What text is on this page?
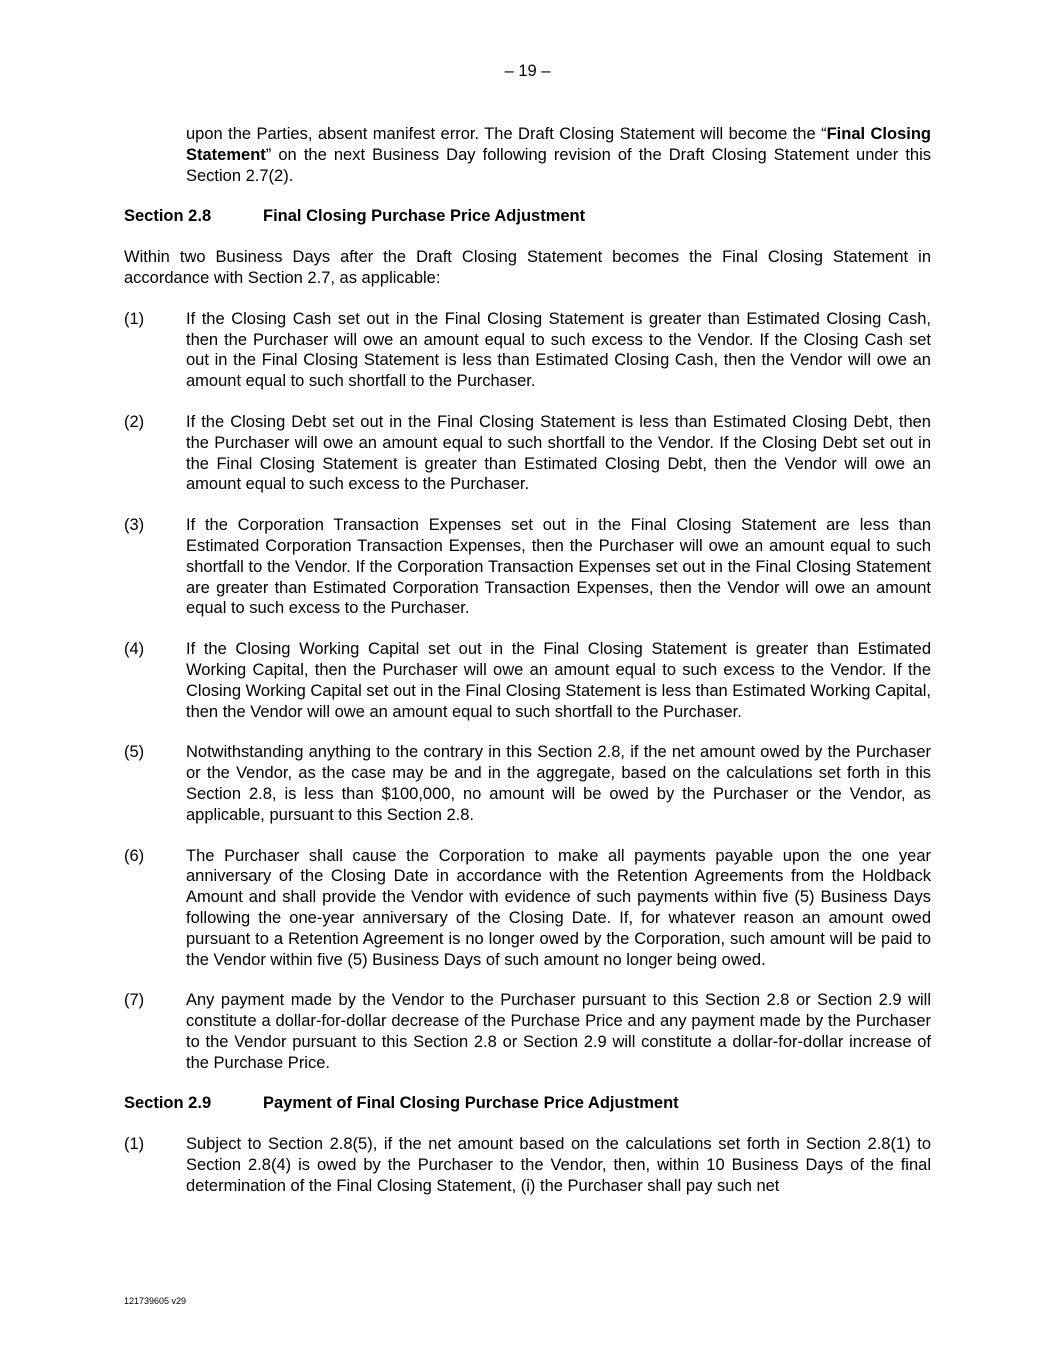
– 19 –

upon the Parties, absent manifest error. The Draft Closing Statement will become the “Final Closing Statement” on the next Business Day following revision of the Draft Closing Statement under this Section 2.7(2).

Section 2.8	Final Closing Purchase Price Adjustment

Within two Business Days after the Draft Closing Statement becomes the Final Closing Statement in accordance with Section 2.7, as applicable:

(1)	If the Closing Cash set out in the Final Closing Statement is greater than Estimated Closing Cash, then the Purchaser will owe an amount equal to such excess to the Vendor. If the Closing Cash set out in the Final Closing Statement is less than Estimated Closing Cash, then the Vendor will owe an amount equal to such shortfall to the Purchaser.
(2)	If the Closing Debt set out in the Final Closing Statement is less than Estimated Closing Debt, then the Purchaser will owe an amount equal to such shortfall to the Vendor. If the Closing Debt set out in the Final Closing Statement is greater than Estimated Closing Debt, then the Vendor will owe an amount equal to such excess to the Purchaser.
(3)	If the Corporation Transaction Expenses set out in the Final Closing Statement are less than Estimated Corporation Transaction Expenses, then the Purchaser will owe an amount equal to such shortfall to the Vendor. If the Corporation Transaction Expenses set out in the Final Closing Statement are greater than Estimated Corporation Transaction Expenses, then the Vendor will owe an amount equal to such excess to the Purchaser.
(4)	If the Closing Working Capital set out in the Final Closing Statement is greater than Estimated Working Capital, then the Purchaser will owe an amount equal to such excess to the Vendor. If the Closing Working Capital set out in the Final Closing Statement is less than Estimated Working Capital, then the Vendor will owe an amount equal to such shortfall to the Purchaser.
(5)	Notwithstanding anything to the contrary in this Section 2.8, if the net amount owed by the Purchaser or the Vendor, as the case may be and in the aggregate, based on the calculations set forth in this Section 2.8, is less than $100,000, no amount will be owed by the Purchaser or the Vendor, as applicable, pursuant to this Section 2.8.
(6)	The Purchaser shall cause the Corporation to make all payments payable upon the one year anniversary of the Closing Date in accordance with the Retention Agreements from the Holdback Amount and shall provide the Vendor with evidence of such payments within five (5) Business Days following the one-year anniversary of the Closing Date. If, for whatever reason an amount owed pursuant to a Retention Agreement is no longer owed by the Corporation, such amount will be paid to the Vendor within five (5) Business Days of such amount no longer being owed.
(7)	Any payment made by the Vendor to the Purchaser pursuant to this Section 2.8 or Section 2.9 will constitute a dollar-for-dollar decrease of the Purchase Price and any payment made by the Purchaser to the Vendor pursuant to this Section 2.8 or Section 2.9 will constitute a dollar-for-dollar increase of the Purchase Price.
Section 2.9	Payment of Final Closing Purchase Price Adjustment
(1)	Subject to Section 2.8(5), if the net amount based on the calculations set forth in Section 2.8(1) to Section 2.8(4) is owed by the Purchaser to the Vendor, then, within 10 Business Days of the final determination of the Final Closing Statement, (i) the Purchaser shall pay such net
121739605 v29
